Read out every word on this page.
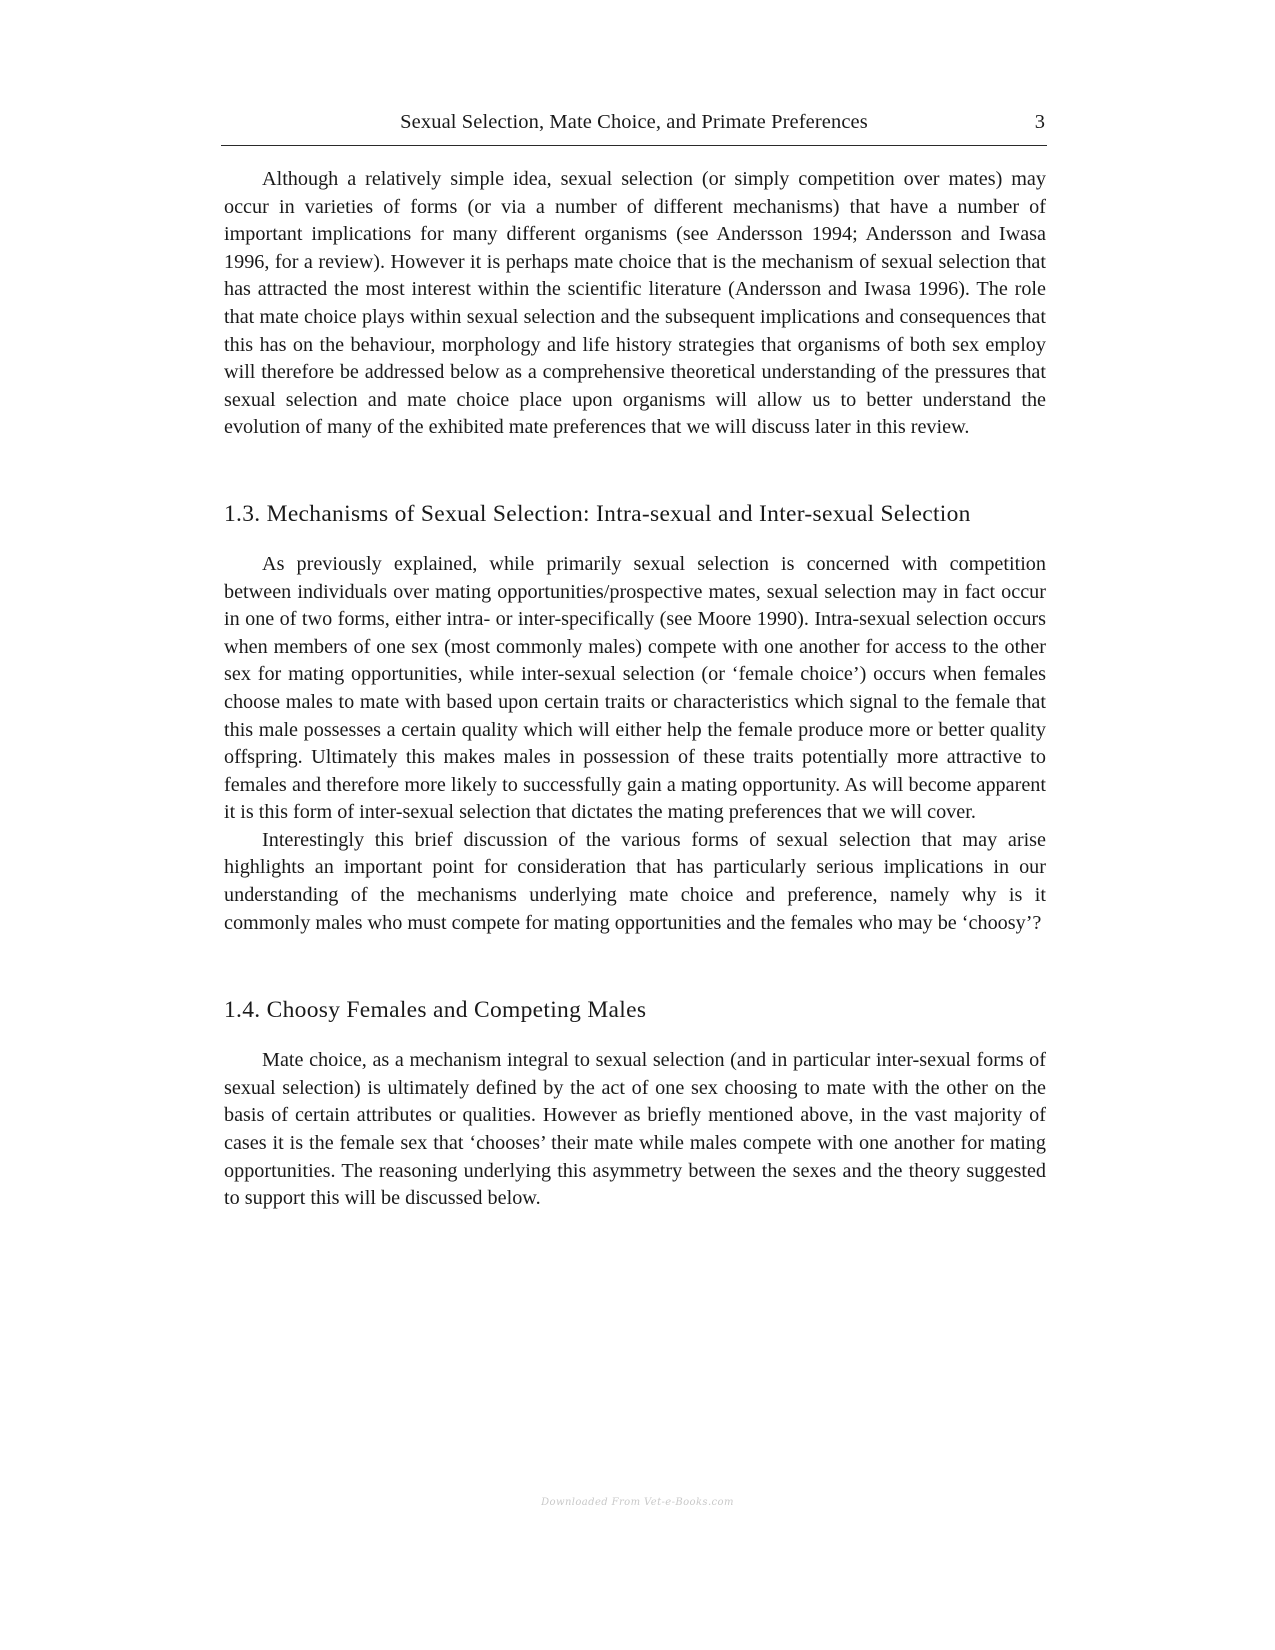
Sexual Selection, Mate Choice, and Primate Preferences	3

Although a relatively simple idea, sexual selection (or simply competition over mates) may occur in varieties of forms (or via a number of different mechanisms) that have a number of important implications for many different organisms (see Andersson 1994; Andersson and Iwasa 1996, for a review). However it is perhaps mate choice that is the mechanism of sexual selection that has attracted the most interest within the scientific literature (Andersson and Iwasa 1996). The role that mate choice plays within sexual selection and the subsequent implications and consequences that this has on the behaviour, morphology and life history strategies that organisms of both sex employ will therefore be addressed below as a comprehensive theoretical understanding of the pressures that sexual selection and mate choice place upon organisms will allow us to better understand the evolution of many of the exhibited mate preferences that we will discuss later in this review.

1.3. Mechanisms of Sexual Selection: Intra-sexual and Inter-sexual Selection

As previously explained, while primarily sexual selection is concerned with competition between individuals over mating opportunities/prospective mates, sexual selection may in fact occur in one of two forms, either intra- or inter-specifically (see Moore 1990). Intra-sexual selection occurs when members of one sex (most commonly males) compete with one another for access to the other sex for mating opportunities, while inter-sexual selection (or ‘female choice’) occurs when females choose males to mate with based upon certain traits or characteristics which signal to the female that this male possesses a certain quality which will either help the female produce more or better quality offspring. Ultimately this makes males in possession of these traits potentially more attractive to females and therefore more likely to successfully gain a mating opportunity. As will become apparent it is this form of inter-sexual selection that dictates the mating preferences that we will cover.

Interestingly this brief discussion of the various forms of sexual selection that may arise highlights an important point for consideration that has particularly serious implications in our understanding of the mechanisms underlying mate choice and preference, namely why is it commonly males who must compete for mating opportunities and the females who may be ‘choosy’?

1.4. Choosy Females and Competing Males

Mate choice, as a mechanism integral to sexual selection (and in particular inter-sexual forms of sexual selection) is ultimately defined by the act of one sex choosing to mate with the other on the basis of certain attributes or qualities. However as briefly mentioned above, in the vast majority of cases it is the female sex that ‘chooses’ their mate while males compete with one another for mating opportunities. The reasoning underlying this asymmetry between the sexes and the theory suggested to support this will be discussed below.

Downloaded From Vet-e-Books.com
